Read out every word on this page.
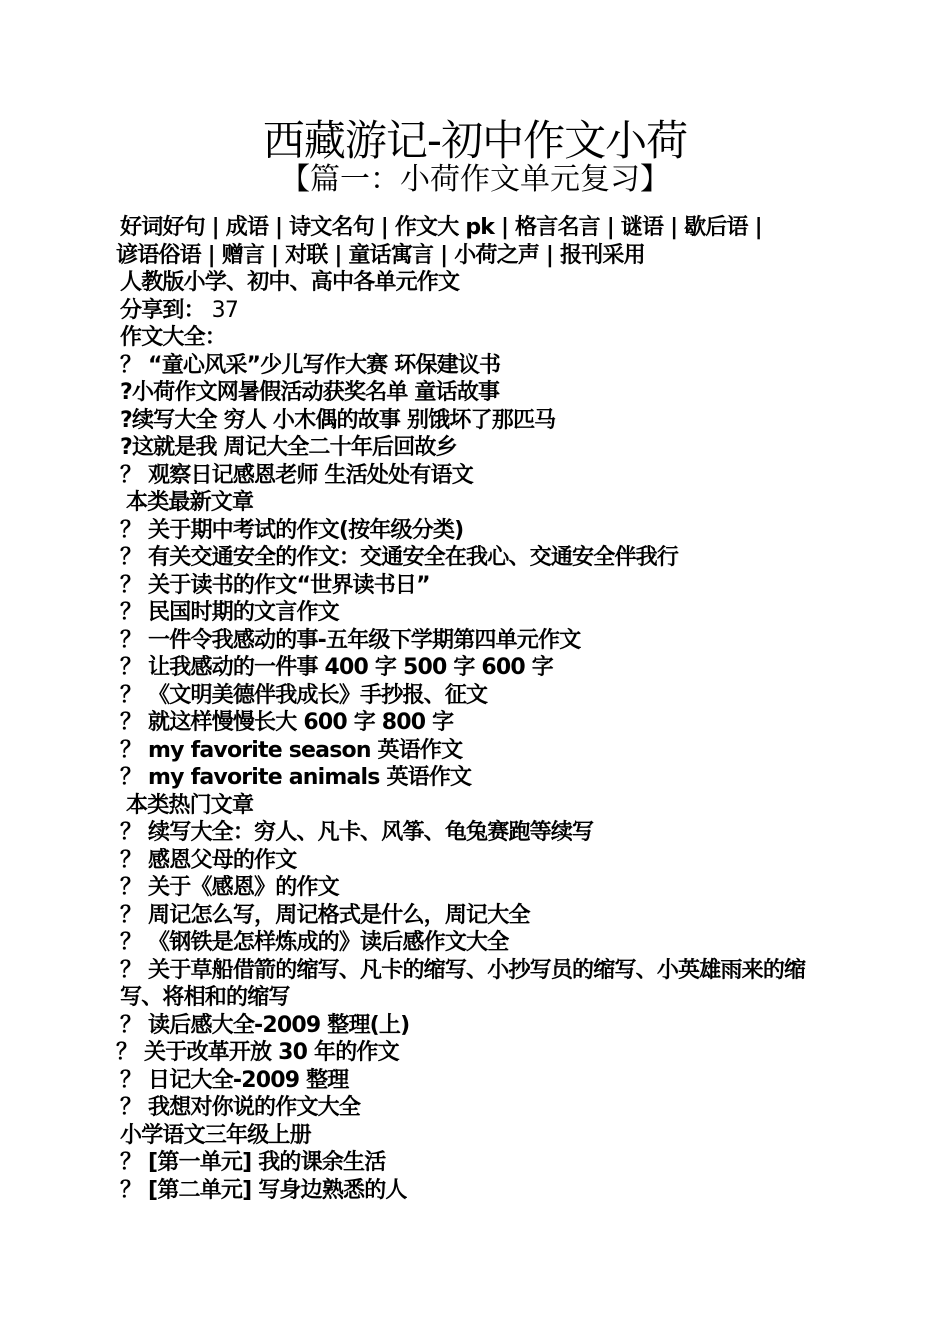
西藏游记-初中作文小荷
【篇一：小荷作文单元复习】
好词好句 | 成语 | 诗文名句 | 作文大 pk | 格言名言 | 谜语 | 歇后语 |
谚语俗语 | 赠言 | 对联 | 童话寓言 | 小荷之声 | 报刊采用
人教版小学、初中、高中各单元作文
分享到： 37
作文大全：
？ “童心风采”少儿写作大赛 环保建议书
?小荷作文网暑假活动获奖名单 童话故事
?续写大全 穷人 小木偶的故事 别饿坏了那匹马
?这就是我 周记大全二十年后回故乡
？ 观察日记感恩老师 生活处处有语文
本类最新文章
？ 关于期中考试的作文(按年级分类)
？ 有关交通安全的作文：交通安全在我心、交通安全伴我行
？ 关于读书的作文“世界读书日”
？ 民国时期的文言作文
？ 一件令我感动的事-五年级下学期第四单元作文
？ 让我感动的一件事 400 字 500 字 600 字
？ 《文明美德伴我成长》手抄报、征文
？ 就这样慢慢长大 600 字 800 字
？ my favorite season 英语作文
？ my favorite animals 英语作文
本类热门文章
？ 续写大全：穷人、凡卡、风筝、龟兔赛跑等续写
？ 感恩父母的作文
？ 关于《感恩》的作文
？ 周记怎么写，周记格式是什么，周记大全
？ 《钢铁是怎样炼成的》读后感作文大全
？ 关于草船借箭的缩写、凡卡的缩写、小抄写员的缩写、小英雄雨来的缩写、将相和的缩写
？ 读后感大全-2009 整理(上)
？ 关于改革开放 30 年的作文
？ 日记大全-2009 整理
？ 我想对你说的作文大全
小学语文三年级上册
？ [第一单元] 我的课余生活
？ [第二单元] 写身边熟悉的人
